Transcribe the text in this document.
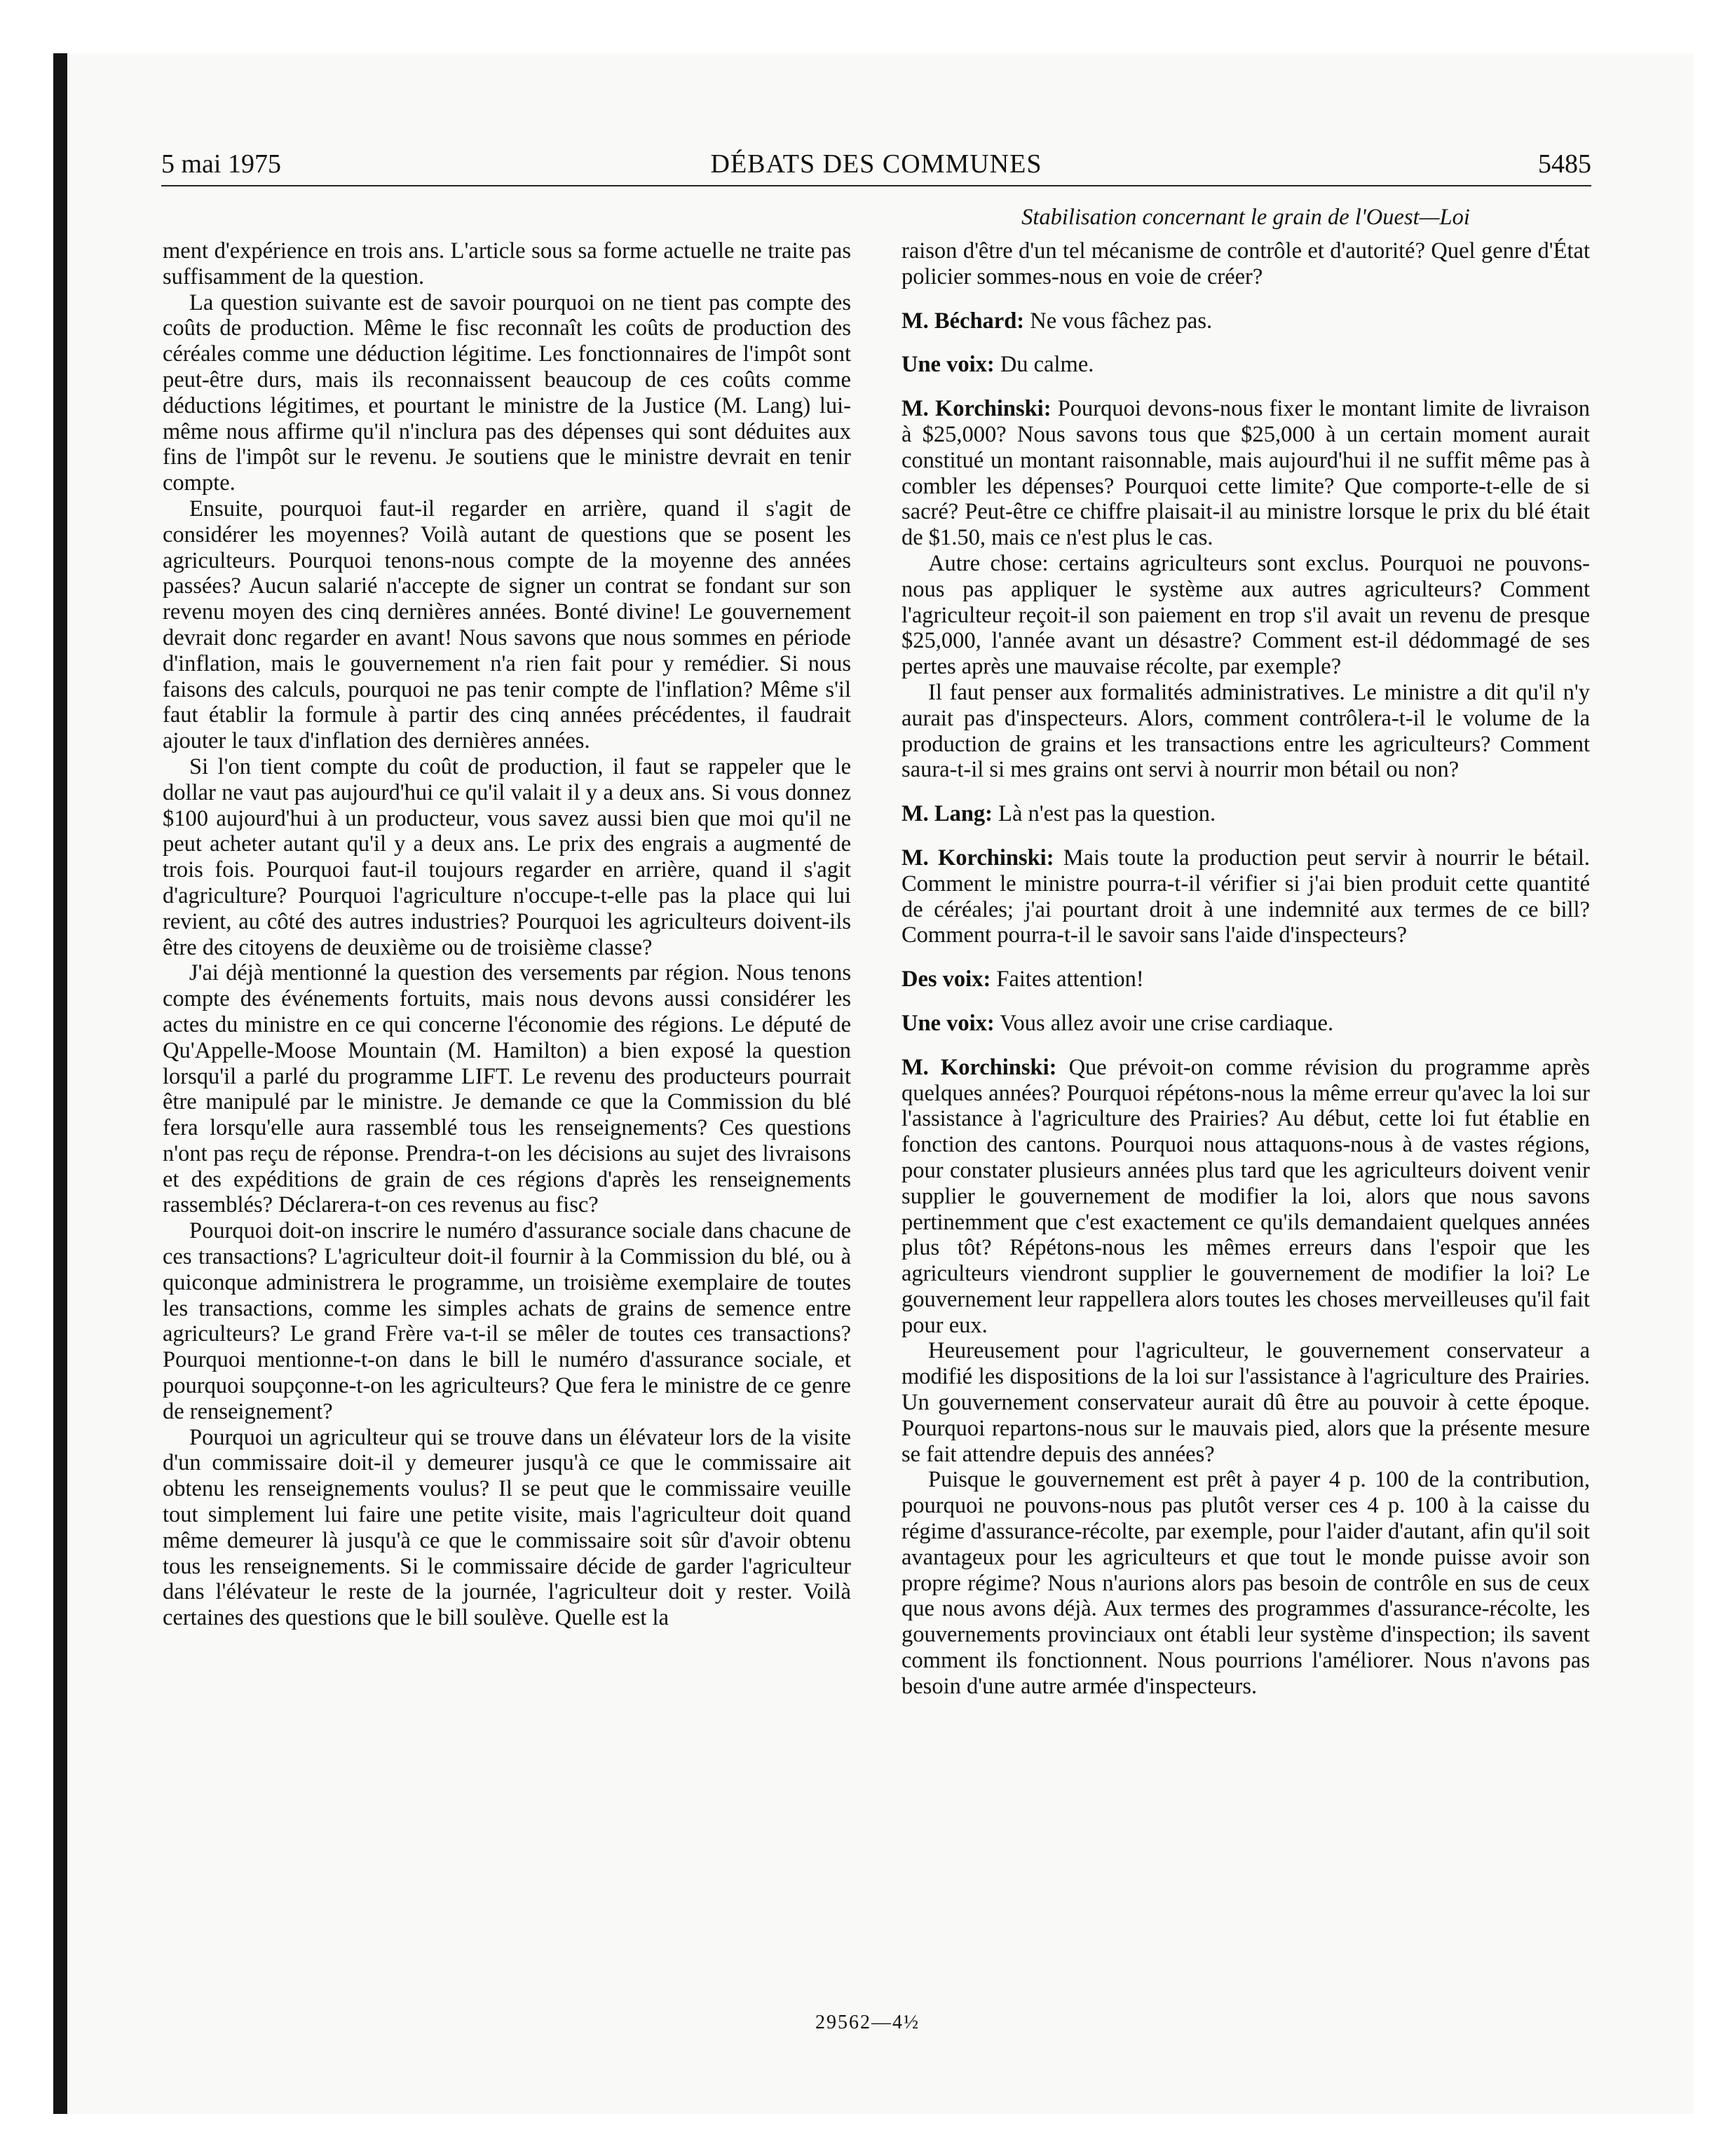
5 mai 1975	DÉBATS DES COMMUNES	5485
Stabilisation concernant le grain de l'Ouest—Loi

ment d'expérience en trois ans. L'article sous sa forme actuelle ne traite pas suffisamment de la question.

La question suivante est de savoir pourquoi on ne tient pas compte des coûts de production. Même le fisc reconnaît les coûts de production des céréales comme une déduction légitime. Les fonctionnaires de l'impôt sont peut-être durs, mais ils reconnaissent beaucoup de ces coûts comme déductions légitimes, et pourtant le ministre de la Justice (M. Lang) lui-même nous affirme qu'il n'inclura pas des dépenses qui sont déduites aux fins de l'impôt sur le revenu. Je soutiens que le ministre devrait en tenir compte.

Ensuite, pourquoi faut-il regarder en arrière, quand il s'agit de considérer les moyennes? Voilà autant de questions que se posent les agriculteurs. Pourquoi tenons-nous compte de la moyenne des années passées? Aucun salarié n'accepte de signer un contrat se fondant sur son revenu moyen des cinq dernières années. Bonté divine! Le gouvernement devrait donc regarder en avant! Nous savons que nous sommes en période d'inflation, mais le gouvernement n'a rien fait pour y remédier. Si nous faisons des calculs, pourquoi ne pas tenir compte de l'inflation? Même s'il faut établir la formule à partir des cinq années précédentes, il faudrait ajouter le taux d'inflation des dernières années.

Si l'on tient compte du coût de production, il faut se rappeler que le dollar ne vaut pas aujourd'hui ce qu'il valait il y a deux ans. Si vous donnez $100 aujourd'hui à un producteur, vous savez aussi bien que moi qu'il ne peut acheter autant qu'il y a deux ans. Le prix des engrais a augmenté de trois fois. Pourquoi faut-il toujours regarder en arrière, quand il s'agit d'agriculture? Pourquoi l'agriculture n'occupe-t-elle pas la place qui lui revient, au côté des autres industries? Pourquoi les agriculteurs doivent-ils être des citoyens de deuxième ou de troisième classe?

J'ai déjà mentionné la question des versements par région. Nous tenons compte des événements fortuits, mais nous devons aussi considérer les actes du ministre en ce qui concerne l'économie des régions. Le député de Qu'Appelle-Moose Mountain (M. Hamilton) a bien exposé la question lorsqu'il a parlé du programme LIFT. Le revenu des producteurs pourrait être manipulé par le ministre. Je demande ce que la Commission du blé fera lorsqu'elle aura rassemblé tous les renseignements? Ces questions n'ont pas reçu de réponse. Prendra-t-on les décisions au sujet des livraisons et des expéditions de grain de ces régions d'après les renseignements rassemblés? Déclarera-t-on ces revenus au fisc?

Pourquoi doit-on inscrire le numéro d'assurance sociale dans chacune de ces transactions? L'agriculteur doit-il fournir à la Commission du blé, ou à quiconque administrera le programme, un troisième exemplaire de toutes les transactions, comme les simples achats de grains de semence entre agriculteurs? Le grand Frère va-t-il se mêler de toutes ces transactions? Pourquoi mentionne-t-on dans le bill le numéro d'assurance sociale, et pourquoi soupçonne-t-on les agriculteurs? Que fera le ministre de ce genre de renseignement?

Pourquoi un agriculteur qui se trouve dans un élévateur lors de la visite d'un commissaire doit-il y demeurer jusqu'à ce que le commissaire ait obtenu les renseignements voulus? Il se peut que le commissaire veuille tout simplement lui faire une petite visite, mais l'agriculteur doit quand même demeurer là jusqu'à ce que le commissaire soit sûr d'avoir obtenu tous les renseignements. Si le commissaire décide de garder l'agriculteur dans l'élévateur le reste de la journée, l'agriculteur doit y rester. Voilà certaines des questions que le bill soulève. Quelle est la

raison d'être d'un tel mécanisme de contrôle et d'autorité? Quel genre d'État policier sommes-nous en voie de créer?

M. Béchard: Ne vous fâchez pas.

Une voix: Du calme.

M. Korchinski: Pourquoi devons-nous fixer le montant limite de livraison à $25,000? Nous savons tous que $25,000 à un certain moment aurait constitué un montant raisonnable, mais aujourd'hui il ne suffit même pas à combler les dépenses? Pourquoi cette limite? Que comporte-t-elle de si sacré? Peut-être ce chiffre plaisait-il au ministre lorsque le prix du blé était de $1.50, mais ce n'est plus le cas.

Autre chose: certains agriculteurs sont exclus. Pourquoi ne pouvons-nous pas appliquer le système aux autres agriculteurs? Comment l'agriculteur reçoit-il son paiement en trop s'il avait un revenu de presque $25,000, l'année avant un désastre? Comment est-il dédommagé de ses pertes après une mauvaise récolte, par exemple?

Il faut penser aux formalités administratives. Le ministre a dit qu'il n'y aurait pas d'inspecteurs. Alors, comment contrôlera-t-il le volume de la production de grains et les transactions entre les agriculteurs? Comment saura-t-il si mes grains ont servi à nourrir mon bétail ou non?

M. Lang: Là n'est pas la question.

M. Korchinski: Mais toute la production peut servir à nourrir le bétail. Comment le ministre pourra-t-il vérifier si j'ai bien produit cette quantité de céréales; j'ai pourtant droit à une indemnité aux termes de ce bill? Comment pourra-t-il le savoir sans l'aide d'inspecteurs?

Des voix: Faites attention!

Une voix: Vous allez avoir une crise cardiaque.

M. Korchinski: Que prévoit-on comme révision du programme après quelques années? Pourquoi répétons-nous la même erreur qu'avec la loi sur l'assistance à l'agriculture des Prairies? Au début, cette loi fut établie en fonction des cantons. Pourquoi nous attaquons-nous à de vastes régions, pour constater plusieurs années plus tard que les agriculteurs doivent venir supplier le gouvernement de modifier la loi, alors que nous savons pertinemment que c'est exactement ce qu'ils demandaient quelques années plus tôt? Répétons-nous les mêmes erreurs dans l'espoir que les agriculteurs viendront supplier le gouvernement de modifier la loi? Le gouvernement leur rappellera alors toutes les choses merveilleuses qu'il fait pour eux.

Heureusement pour l'agriculteur, le gouvernement conservateur a modifié les dispositions de la loi sur l'assistance à l'agriculture des Prairies. Un gouvernement conservateur aurait dû être au pouvoir à cette époque. Pourquoi repartons-nous sur le mauvais pied, alors que la présente mesure se fait attendre depuis des années?

Puisque le gouvernement est prêt à payer 4 p. 100 de la contribution, pourquoi ne pouvons-nous pas plutôt verser ces 4 p. 100 à la caisse du régime d'assurance-récolte, par exemple, pour l'aider d'autant, afin qu'il soit avantageux pour les agriculteurs et que tout le monde puisse avoir son propre régime? Nous n'aurions alors pas besoin de contrôle en sus de ceux que nous avons déjà. Aux termes des programmes d'assurance-récolte, les gouvernements provinciaux ont établi leur système d'inspection; ils savent comment ils fonctionnent. Nous pourrions l'améliorer. Nous n'avons pas besoin d'une autre armée d'inspecteurs.

29562—4½
